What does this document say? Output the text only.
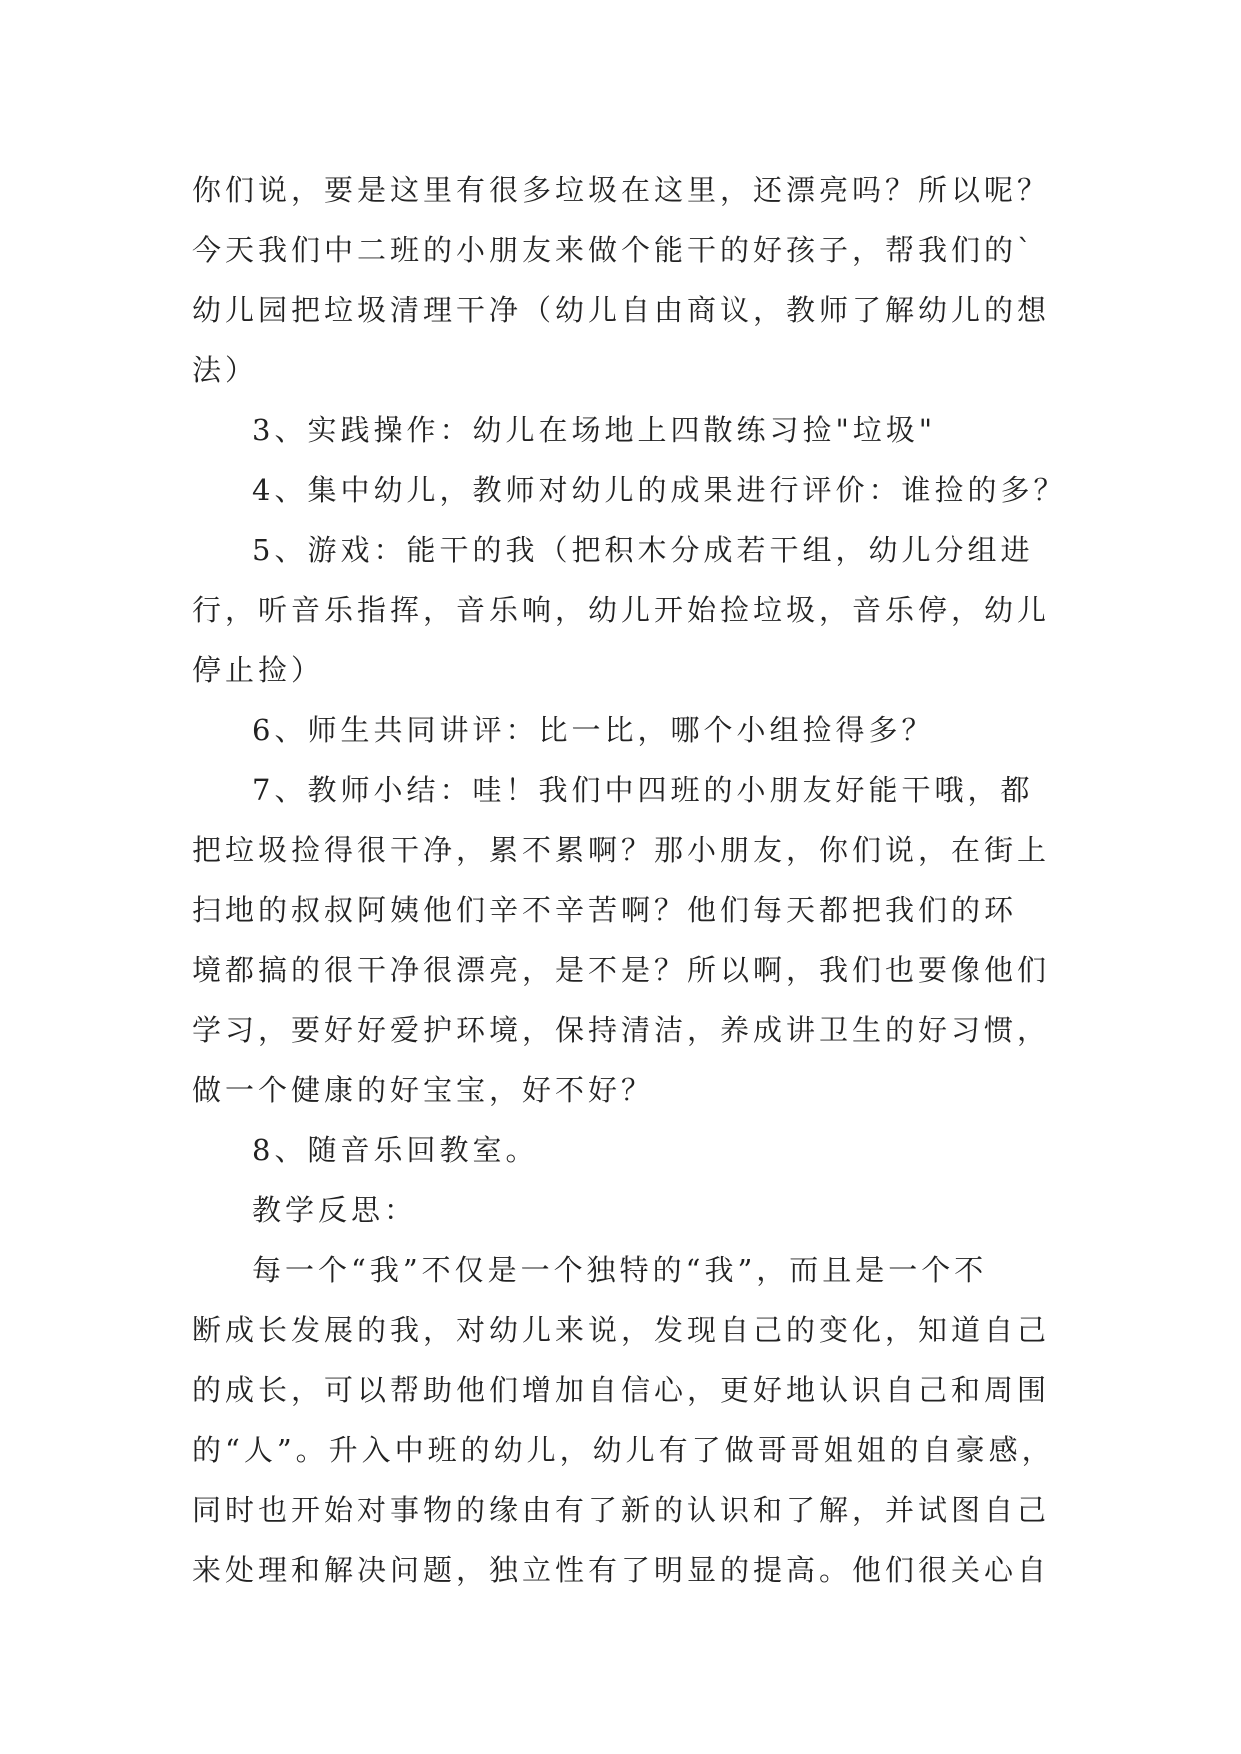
你们说，要是这里有很多垃圾在这里，还漂亮吗？所以呢？
今天我们中二班的小朋友来做个能干的好孩子，帮我们的`
幼儿园把垃圾清理干净（幼儿自由商议，教师了解幼儿的想
法）
3、实践操作：幼儿在场地上四散练习捡"垃圾"
4、集中幼儿，教师对幼儿的成果进行评价：谁捡的多？
5、游戏：能干的我（把积木分成若干组，幼儿分组进
行，听音乐指挥，音乐响，幼儿开始捡垃圾，音乐停，幼儿
停止捡）
6、师生共同讲评：比一比，哪个小组捡得多？
7、教师小结：哇！我们中四班的小朋友好能干哦，都
把垃圾捡得很干净，累不累啊？那小朋友，你们说，在街上
扫地的叔叔阿姨他们辛不辛苦啊？他们每天都把我们的环
境都搞的很干净很漂亮，是不是？所以啊，我们也要像他们
学习，要好好爱护环境，保持清洁，养成讲卫生的好习惯，
做一个健康的好宝宝，好不好？
8、随音乐回教室。
教学反思：
每一个“我”不仅是一个独特的“我”，而且是一个不
断成长发展的我，对幼儿来说，发现自己的变化，知道自己
的成长，可以帮助他们增加自信心，更好地认识自己和周围
的“人”。升入中班的幼儿，幼儿有了做哥哥姐姐的自豪感，
同时也开始对事物的缘由有了新的认识和了解，并试图自己
来处理和解决问题，独立性有了明显的提高。他们很关心自
